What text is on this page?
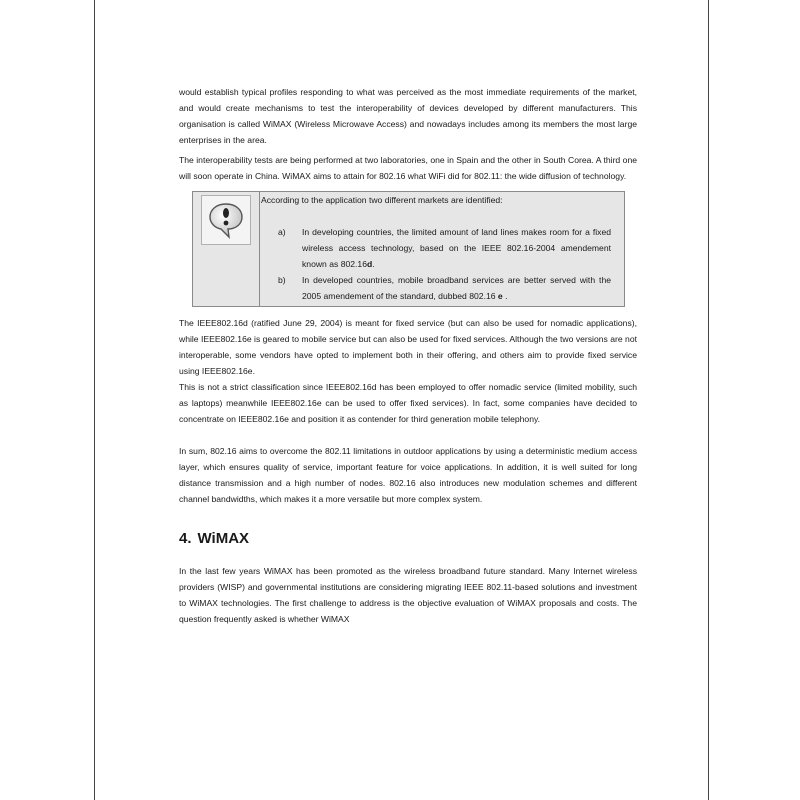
would establish typical profiles responding to what was perceived as the most immediate requirements of the market, and would create mechanisms to test the interoperability of devices developed by different manufacturers. This organisation is called WiMAX (Wireless Microwave Access) and nowadays includes among its members the most large enterprises in the area.

The interoperability tests are being performed at two laboratories, one in Spain and the other in South Corea. A third one will soon operate in China. WiMAX aims to attain for 802.16 what WiFi did for 802.11: the wide diffusion of technology.

According to the application two different markets are identified:

a)	In developing countries, the limited amount of land lines makes room for a fixed wireless access technology, based on the IEEE 802.16-2004 amendement known as 802.16d.
b)	In developed countries, mobile broadband services are better served with the 2005 amendement of the standard, dubbed 802.16 e .

The IEEE802.16d (ratified June 29, 2004) is meant for fixed service (but can also be used for nomadic applications), while IEEE802.16e is geared to mobile service but can also be used for fixed services. Although the two versions are not interoperable, some vendors have opted to implement both in their offering, and others aim to provide fixed service using IEEE802.16e.

This is not a strict classification since IEEE802.16d has been employed to offer nomadic service (limited mobility, such as laptops) meanwhile IEEE802.16e can be used to offer fixed services). In fact, some companies have decided to concentrate on IEEE802.16e and position it as contender for third generation mobile telephony.

In sum, 802.16 aims to overcome the 802.11 limitations in outdoor applications by using a deterministic medium access layer, which ensures quality of service, important feature for voice applications. In addition, it is well suited for long distance transmission and a high number of nodes. 802.16 also introduces new modulation schemes and different channel bandwidths, which makes it a more versatile but more complex system.

4. WiMAX

In the last few years WiMAX has been promoted as the wireless broadband future standard. Many Internet wireless providers (WISP) and governmental institutions are considering migrating IEEE 802.11-based solutions and investment to WiMAX technologies. The first challenge to address is the objective evaluation of WiMAX proposals and costs. The question frequently asked is whether WiMAX
